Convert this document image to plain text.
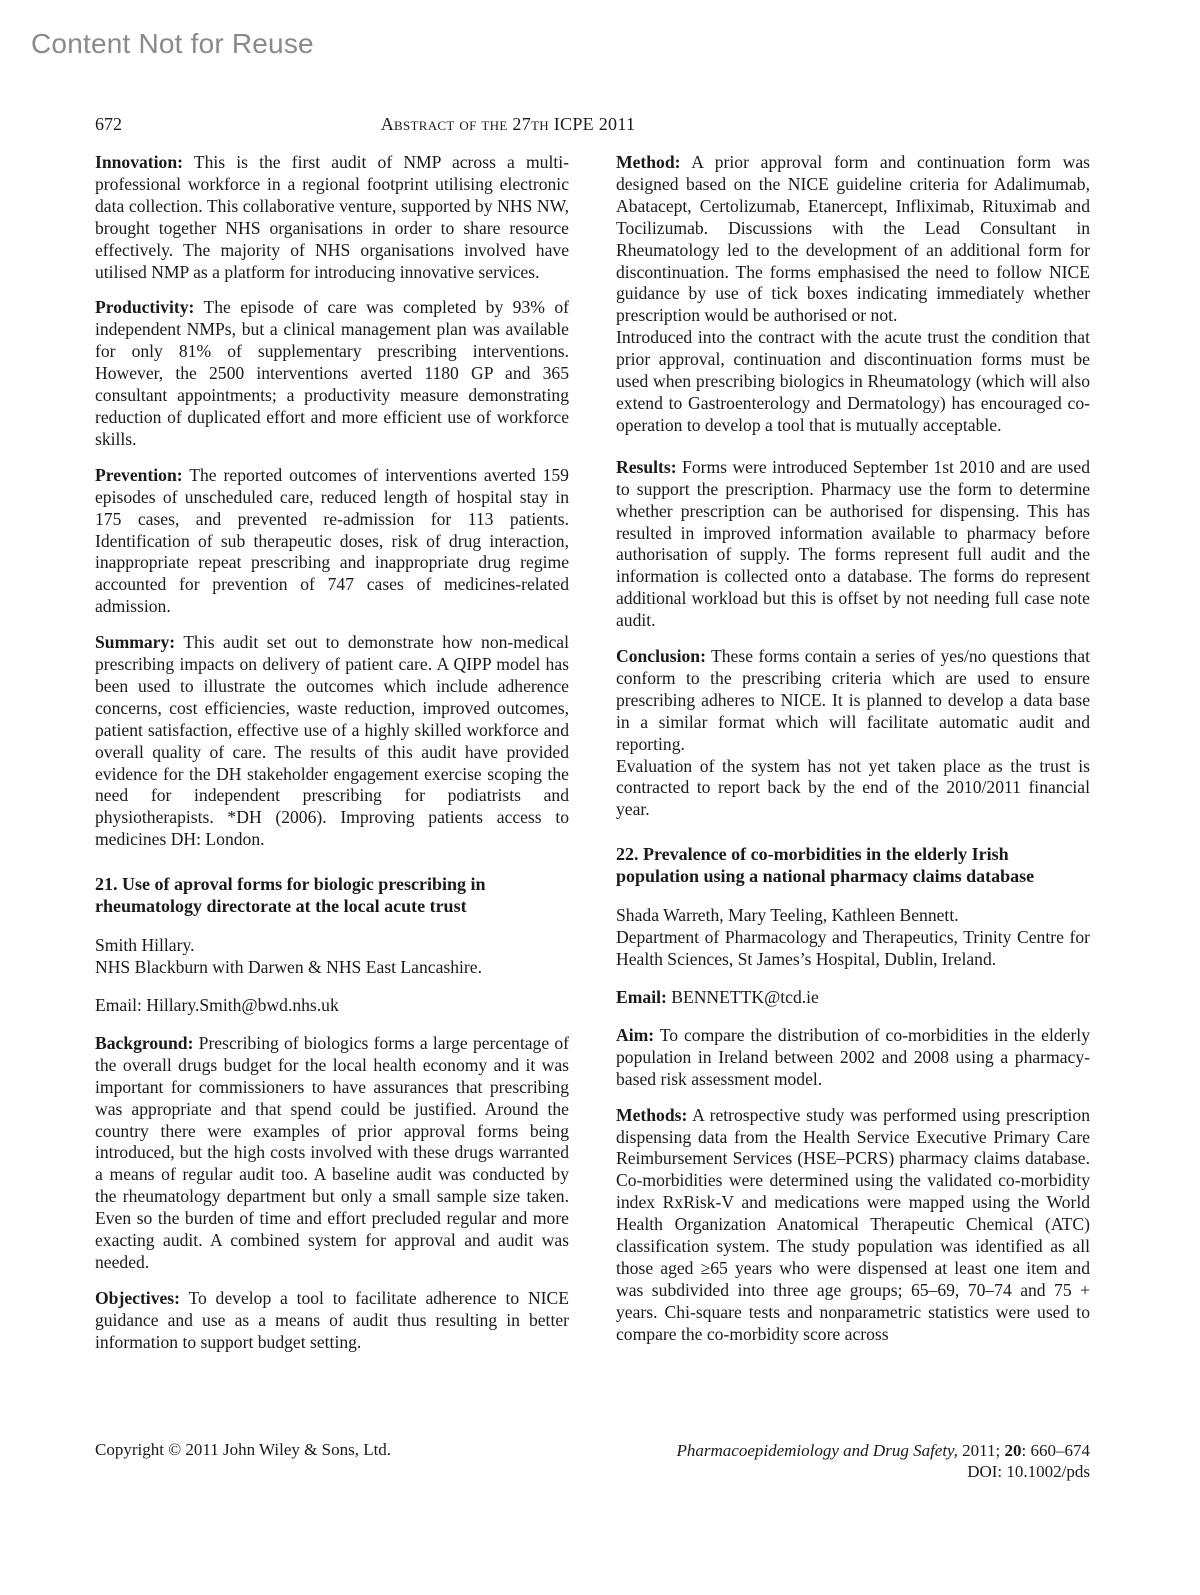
Content Not for Reuse
672	Abstract of the 27th ICPE 2011

Innovation: This is the first audit of NMP across a multi-professional workforce in a regional footprint utilising electronic data collection. This collaborative venture, supported by NHS NW, brought together NHS organisations in order to share resource effectively. The majority of NHS organisations involved have utilised NMP as a platform for introducing innovative services.

Productivity: The episode of care was completed by 93% of independent NMPs, but a clinical management plan was available for only 81% of supplementary prescribing interventions. However, the 2500 interventions averted 1180 GP and 365 consultant appointments; a productivity measure demonstrating reduction of duplicated effort and more efficient use of workforce skills.

Prevention: The reported outcomes of interventions averted 159 episodes of unscheduled care, reduced length of hospital stay in 175 cases, and prevented re-admission for 113 patients. Identification of sub therapeutic doses, risk of drug interaction, inappropriate repeat prescribing and inappropriate drug regime accounted for prevention of 747 cases of medicines-related admission.

Summary: This audit set out to demonstrate how non-medical prescribing impacts on delivery of patient care. A QIPP model has been used to illustrate the outcomes which include adherence concerns, cost efficiencies, waste reduction, improved outcomes, patient satisfaction, effective use of a highly skilled workforce and overall quality of care. The results of this audit have provided evidence for the DH stakeholder engagement exercise scoping the need for independent prescribing for podiatrists and physiotherapists. *DH (2006). Improving patients access to medicines DH: London.

21. Use of aproval forms for biologic prescribing in rheumatology directorate at the local acute trust

Smith Hillary.

NHS Blackburn with Darwen & NHS East Lancashire.

Email: Hillary.Smith@bwd.nhs.uk

Background: Prescribing of biologics forms a large percentage of the overall drugs budget for the local health economy and it was important for commissioners to have assurances that prescribing was appropriate and that spend could be justified. Around the country there were examples of prior approval forms being introduced, but the high costs involved with these drugs warranted a means of regular audit too. A baseline audit was conducted by the rheumatology department but only a small sample size taken. Even so the burden of time and effort precluded regular and more exacting audit. A combined system for approval and audit was needed.

Objectives: To develop a tool to facilitate adherence to NICE guidance and use as a means of audit thus resulting in better information to support budget setting.

Method: A prior approval form and continuation form was designed based on the NICE guideline criteria for Adalimumab, Abatacept, Certolizumab, Etanercept, Infliximab, Rituximab and Tocilizumab. Discussions with the Lead Consultant in Rheumatology led to the development of an additional form for discontinuation. The forms emphasised the need to follow NICE guidance by use of tick boxes indicating immediately whether prescription would be authorised or not.

Introduced into the contract with the acute trust the condition that prior approval, continuation and discontinuation forms must be used when prescribing biologics in Rheumatology (which will also extend to Gastroenterology and Dermatology) has encouraged co-operation to develop a tool that is mutually acceptable.

Results: Forms were introduced September 1st 2010 and are used to support the prescription. Pharmacy use the form to determine whether prescription can be authorised for dispensing. This has resulted in improved information available to pharmacy before authorisation of supply. The forms represent full audit and the information is collected onto a database. The forms do represent additional workload but this is offset by not needing full case note audit.

Conclusion: These forms contain a series of yes/no questions that conform to the prescribing criteria which are used to ensure prescribing adheres to NICE. It is planned to develop a data base in a similar format which will facilitate automatic audit and reporting.

Evaluation of the system has not yet taken place as the trust is contracted to report back by the end of the 2010/2011 financial year.

22. Prevalence of co-morbidities in the elderly Irish population using a national pharmacy claims database

Shada Warreth, Mary Teeling, Kathleen Bennett.

Department of Pharmacology and Therapeutics, Trinity Centre for Health Sciences, St James’s Hospital, Dublin, Ireland.

Email: BENNETTK@tcd.ie

Aim: To compare the distribution of co-morbidities in the elderly population in Ireland between 2002 and 2008 using a pharmacy-based risk assessment model.

Methods: A retrospective study was performed using prescription dispensing data from the Health Service Executive Primary Care Reimbursement Services (HSE–PCRS) pharmacy claims database. Co-morbidities were determined using the validated co-morbidity index RxRisk-V and medications were mapped using the World Health Organization Anatomical Therapeutic Chemical (ATC) classification system. The study population was identified as all those aged ≥65 years who were dispensed at least one item and was subdivided into three age groups; 65–69, 70–74 and 75 + years. Chi-square tests and nonparametric statistics were used to compare the co-morbidity score across

Copyright © 2011 John Wiley & Sons, Ltd.	Pharmacoepidemiology and Drug Safety, 2011; 20: 660–674
DOI: 10.1002/pds
